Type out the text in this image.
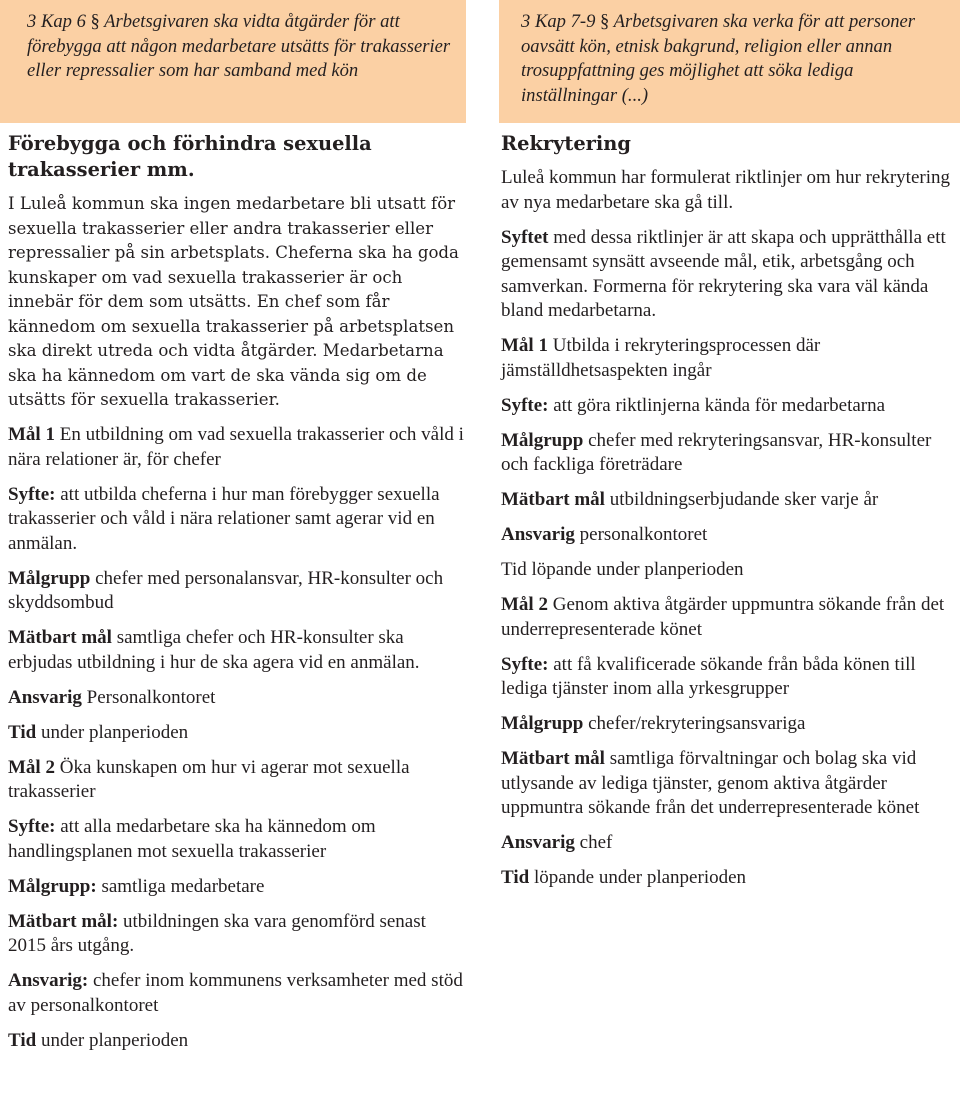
3 Kap 6 § Arbetsgivaren ska vidta åtgärder för att förebygga att någon medarbetare utsätts för trakasserier eller repressalier som har samband med kön
Förebygga och förhindra sexuella trakasserier mm.

I Luleå kommun ska ingen medarbetare bli utsatt för sexuella trakasserier eller andra trakasserier eller repressalier på sin arbetsplats. Cheferna ska ha goda kunskaper om vad sexuella trakasserier är och innebär för dem som utsätts. En chef som får kännedom om sexuella trakasserier på arbetsplatsen ska direkt utreda och vidta åtgärder. Medarbetarna ska ha kännedom om vart de ska vända sig om de utsätts för sexuella trakasserier.

Mål 1 En utbildning om vad sexuella trakasserier och våld i nära relationer är, för chefer

Syfte: att utbilda cheferna i hur man förebygger sexuella trakasserier och våld i nära relationer samt agerar vid en anmälan.

Målgrupp chefer med personalansvar, HR-konsulter och skyddsombud

Mätbart mål samtliga chefer och HR-konsulter ska erbjudas utbildning i hur de ska agera vid en anmälan.

Ansvarig Personalkontoret

Tid under planperioden

Mål 2 Öka kunskapen om hur vi agerar mot sexuella trakasserier

Syfte: att alla medarbetare ska ha kännedom om handlingsplanen mot sexuella trakasserier

Målgrupp: samtliga medarbetare

Mätbart mål: utbildningen ska vara genomförd senast 2015 års utgång.

Ansvarig: chefer inom kommunens verksamheter med stöd av personalkontoret

Tid under planperioden

3 Kap 7-9 § Arbetsgivaren ska verka för att personer oavsätt kön, etnisk bakgrund, religion eller annan trosuppfattning ges möjlighet att söka lediga inställningar (...)
Rekrytering

Luleå kommun har formulerat riktlinjer om hur rekrytering av nya medarbetare ska gå till.

Syftet med dessa riktlinjer är att skapa och upprätthålla ett gemensamt synsätt avseende mål, etik, arbetsgång och samverkan. Formerna för rekrytering ska vara väl kända bland medarbetarna.

Mål 1 Utbilda i rekryteringsprocessen där jämställdhetsaspekten ingår

Syfte: att göra riktlinjerna kända för medarbetarna

Målgrupp chefer med rekryteringsansvar, HR-konsulter och fackliga företrädare

Mätbart mål utbildningserbjudande sker varje år

Ansvarig personalkontoret

Tid löpande under planperioden

Mål 2 Genom aktiva åtgärder uppmuntra sökande från det underrepresenterade könet

Syfte: att få kvalificerade sökande från båda könen till lediga tjänster inom alla yrkesgrupper

Målgrupp chefer/rekryteringsansvariga

Mätbart mål samtliga förvaltningar och bolag ska vid utlysande av lediga tjänster, genom aktiva åtgärder uppmuntra sökande från det underrepresenterade könet

Ansvarig chef

Tid löpande under planperioden
